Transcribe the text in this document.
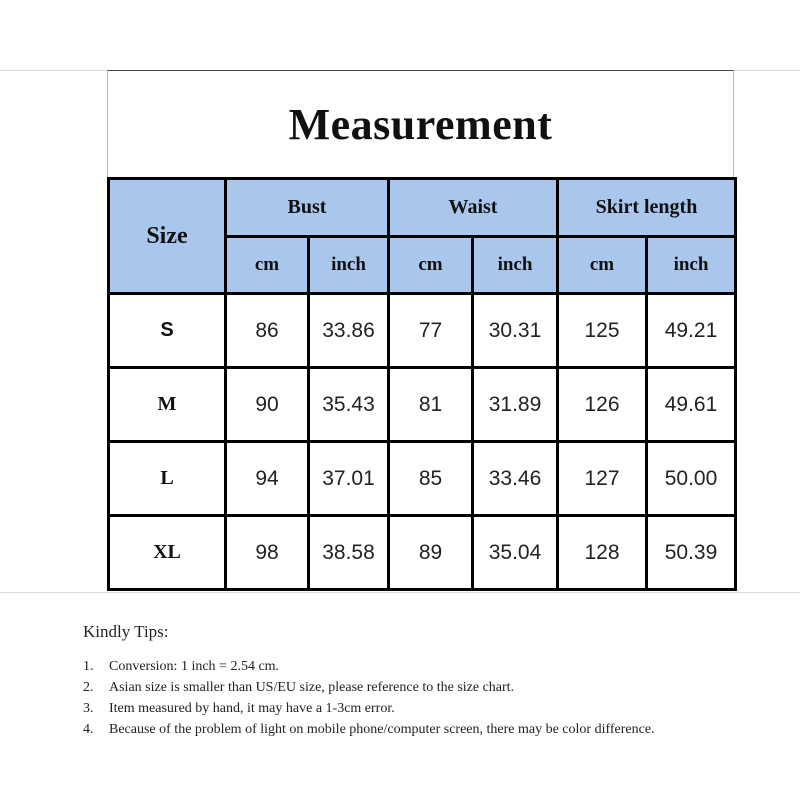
Measurement
Size	Bust		Waist		Skirt length	
	cm	inch	cm	inch	cm	inch
S	86	33.86	77	30.31	125	49.21
M	90	35.43	81	31.89	126	49.61
L	94	37.01	85	33.46	127	50.00
XL	98	38.58	89	35.04	128	50.39
Kindly Tips:
1. Conversion: 1 inch = 2.54 cm.
2. Asian size is smaller than US/EU size, please reference to the size chart.
3. Item measured by hand, it may have a 1-3cm error.
4. Because of the problem of light on mobile phone/computer screen, there may be color difference.
